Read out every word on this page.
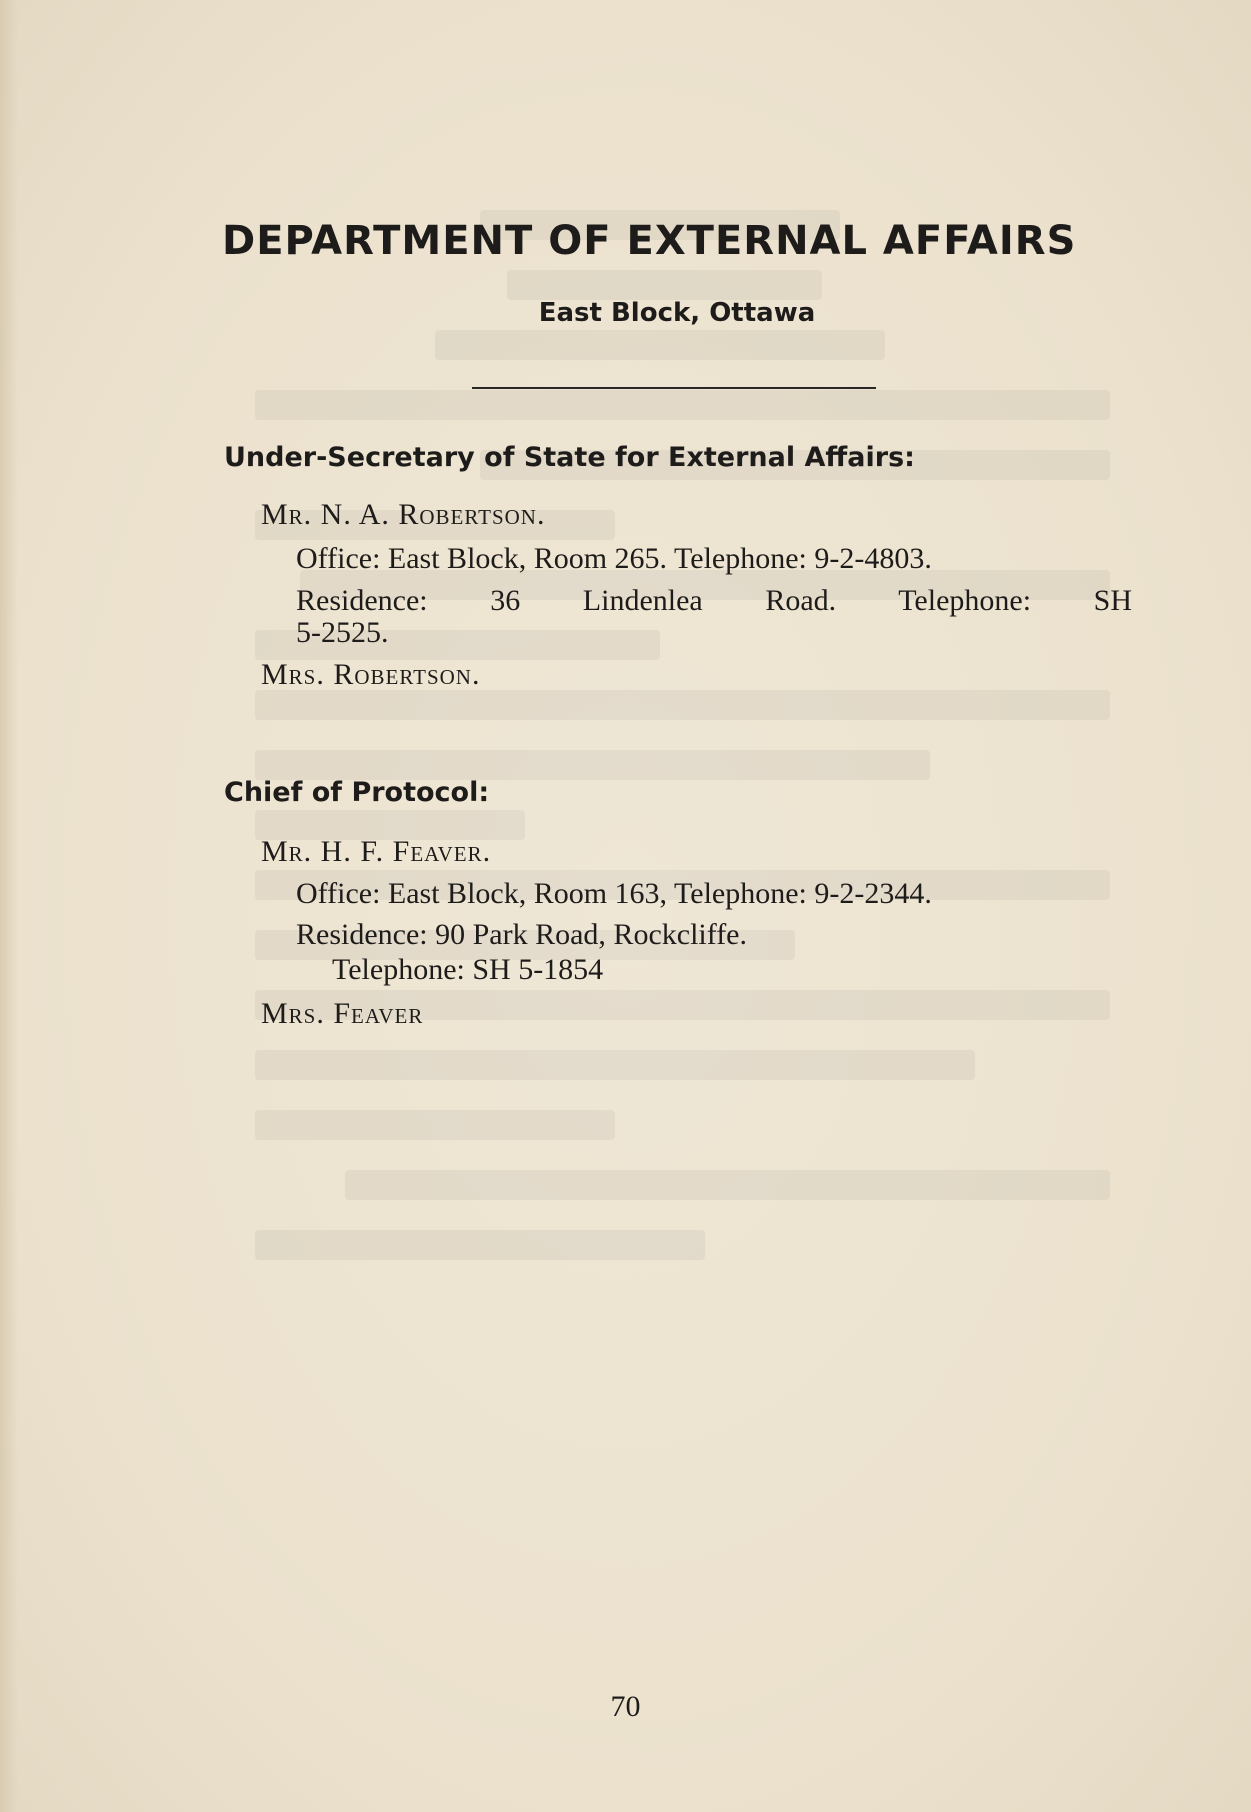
DEPARTMENT OF EXTERNAL AFFAIRS
East Block, Ottawa
Under-Secretary of State for External Affairs:
Mr. N. A. Robertson.
Office: East Block, Room 265. Telephone: 9-2-4803.
Residence: 36 Lindenlea Road. Telephone: SH
5-2525.
Mrs. Robertson.
Chief of Protocol:
Mr. H. F. Feaver.
Office: East Block, Room 163, Telephone: 9-2-2344.
Residence: 90 Park Road, Rockcliffe.
Telephone: SH 5-1854
Mrs. Feaver
70
